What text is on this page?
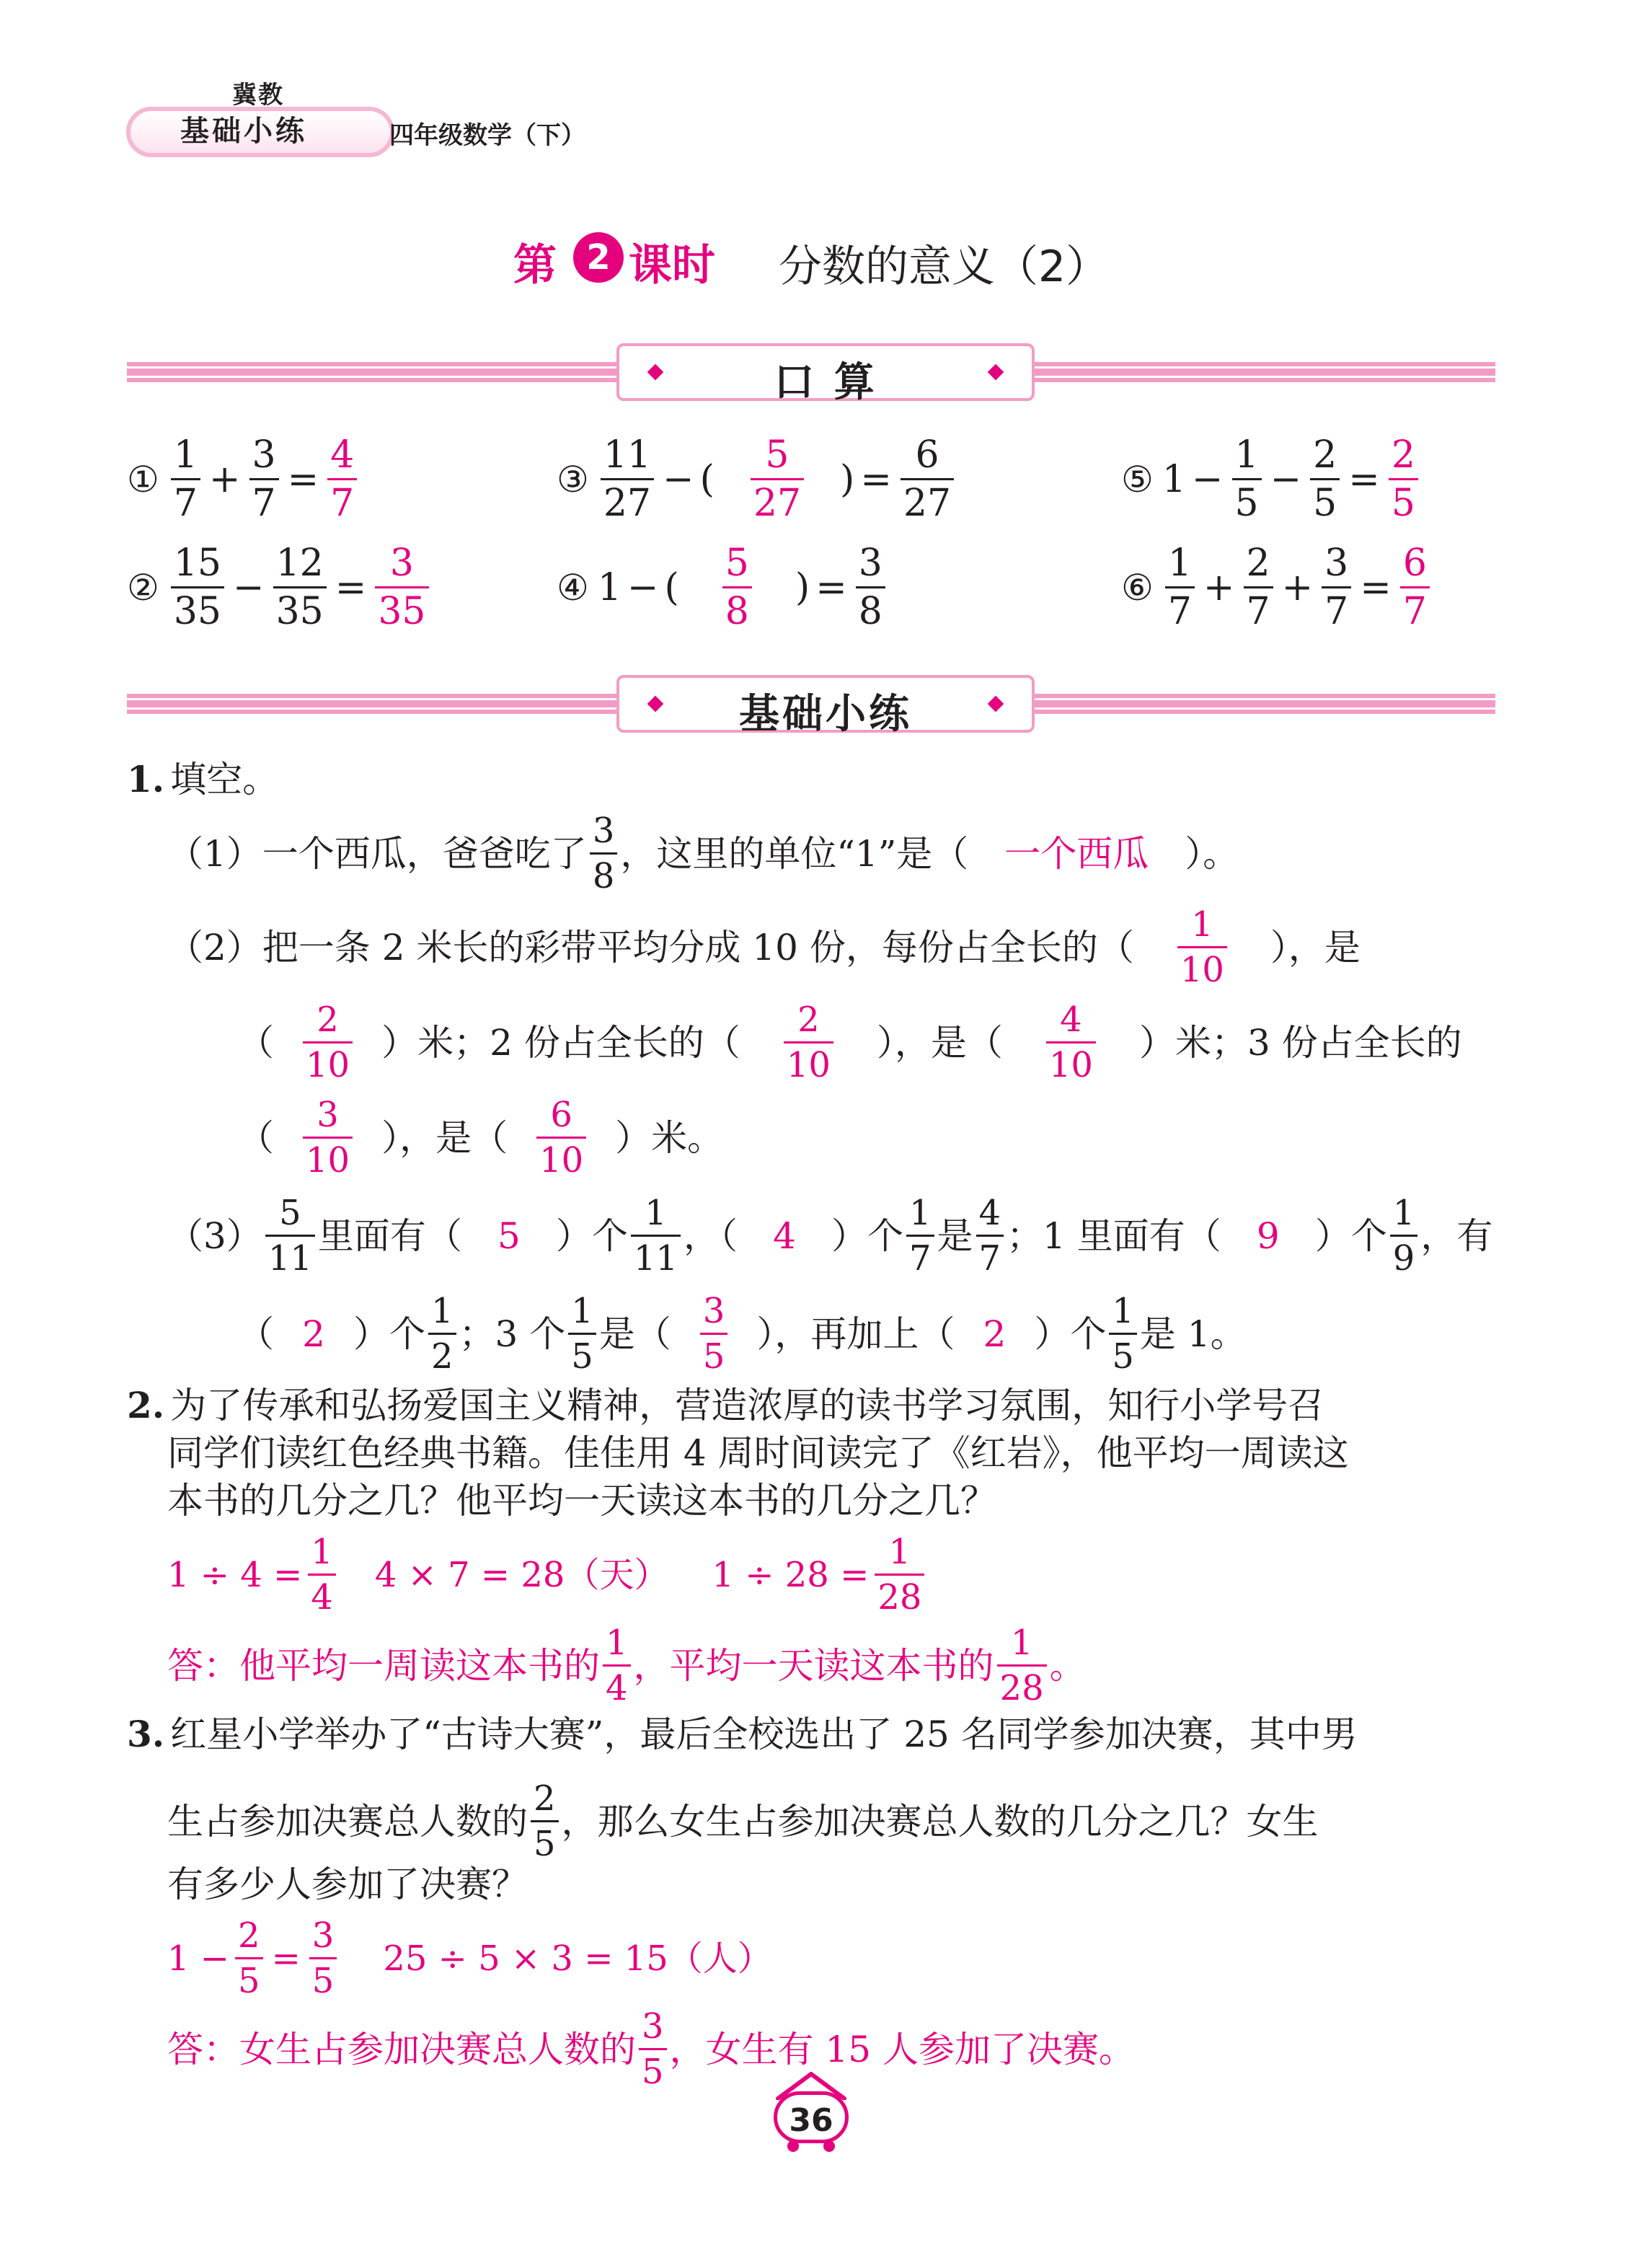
冀教
基础小练	四年级数学（下）
第 2 课时 分数的意义（2）
口 算
①
1
7
+ $\frac{3}{7} = \frac{4}{7}$
②
15
35
− $\frac{12}{35} = \frac{3}{35}$
③
11
27
− (
5
27
) = $\frac{6}{27}$
④ 1 − (
5
8
) = $\frac{3}{8}$
⑤ $1 - \frac{1}{5} - \frac{2}{5} = \frac{2}{5}$
⑥
1
7
+ $\frac{2}{7} + \frac{3}{7} = \frac{6}{7}$
基础小练
1 . 填空。
（1）一个西瓜，爸爸吃了
3
8
，这里的单位“1”是（	一个西瓜	）。
（2）把一条 2 米长的彩带平均分成 10 份，每份占全长的（
1
10
），是
（
2
10
）米；2 份占全长的（
2
10
），是（
4
10
）米；3 份占全长的
（
3
10
），是（
6
10
）米。
（3）
5
11
里面有（ 5 ）个
1
11
，（ 4 ）个
1
7
是
4
7
；1 里面有（ 9 ）个
1
9
，有
（ 2 ）个
1
2
；3 个
1
5
是（
3
5
），再加上（ 2 ）个
1
5
是 1。
2 . 为了传承和弘扬爱国主义精神，营造浓厚的读书学习氛围，知行小学号召
同学们读红色经典书籍。佳佳用 4 周时间读完了《红岩》，他平均一周读这
本书的几分之几？他平均一天读这本书的几分之几？
$1 \div 4 = \frac{1}{4} 4 \times 7 = 28$（天） $1 \div 28 = \frac{1}{28}$
答：他平均一周读这本书的
1
4
，平均一天读这本书的
1
28
。
3 . 红星小学举办了“古诗大赛”，最后全校选出了 25 名同学参加决赛，其中男
生占参加决赛总人数的
2
5
，那么女生占参加决赛总人数的几分之几？女生
有多少人参加了决赛？
$1 - \frac{2}{5} = \frac{3}{5} 25 \div 5 \times 3 = 15$（人）
答：女生占参加决赛总人数的
3
5
，女生有 15 人参加了决赛。
36
